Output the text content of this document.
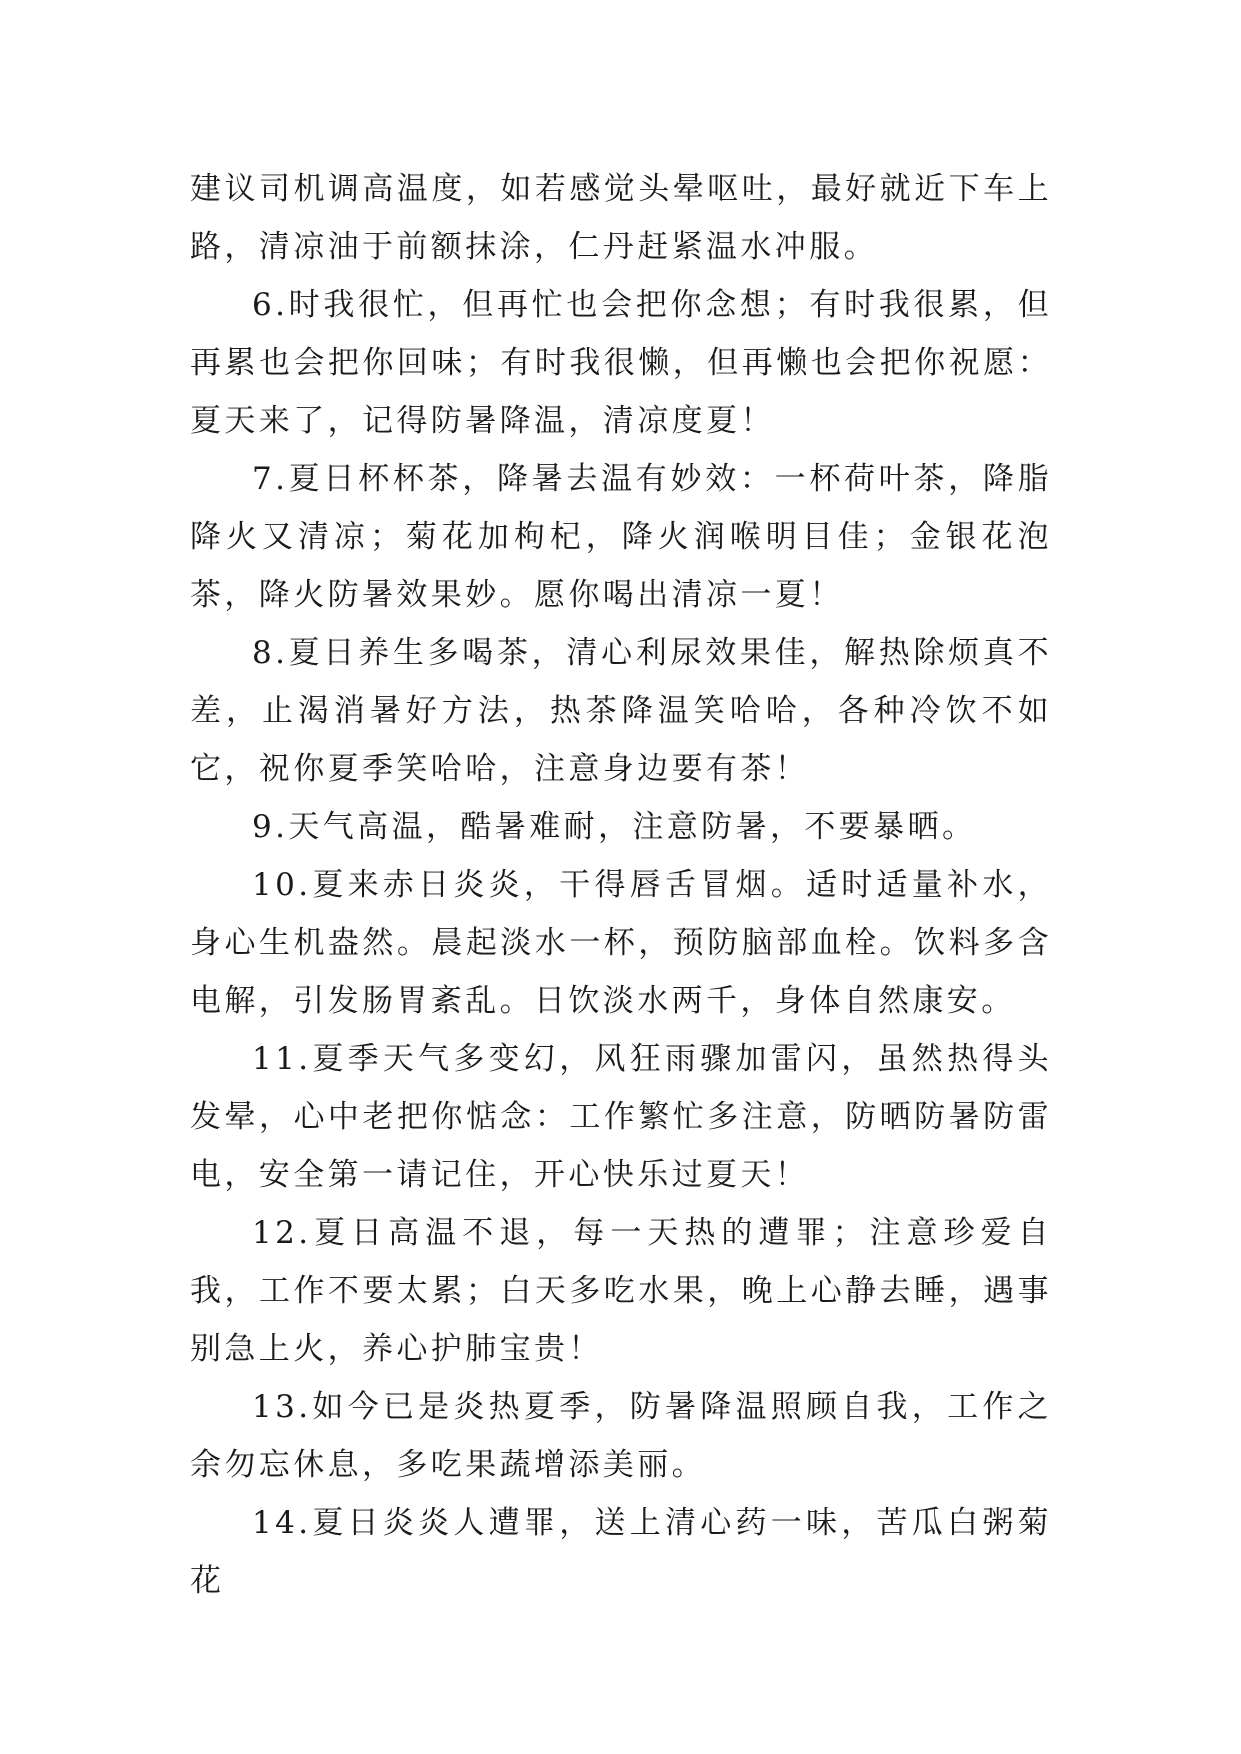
建议司机调高温度，如若感觉头晕呕吐，最好就近下车上路，清凉油于前额抹涂，仁丹赶紧温水冲服。

6.时我很忙，但再忙也会把你念想；有时我很累，但再累也会把你回味；有时我很懒，但再懒也会把你祝愿：夏天来了，记得防暑降温，清凉度夏！

7.夏日杯杯茶，降暑去温有妙效：一杯荷叶茶，降脂降火又清凉；菊花加枸杞，降火润喉明目佳；金银花泡茶，降火防暑效果妙。愿你喝出清凉一夏！

8.夏日养生多喝茶，清心利尿效果佳，解热除烦真不差，止渴消暑好方法，热茶降温笑哈哈，各种冷饮不如它，祝你夏季笑哈哈，注意身边要有茶！

9.天气高温，酷暑难耐，注意防暑，不要暴晒。

10.夏来赤日炎炎，干得唇舌冒烟。适时适量补水，身心生机盎然。晨起淡水一杯，预防脑部血栓。饮料多含电解，引发肠胃紊乱。日饮淡水两千，身体自然康安。

11.夏季天气多变幻，风狂雨骤加雷闪，虽然热得头发晕，心中老把你惦念：工作繁忙多注意，防晒防暑防雷电，安全第一请记住，开心快乐过夏天！

12.夏日高温不退，每一天热的遭罪；注意珍爱自我，工作不要太累；白天多吃水果，晚上心静去睡，遇事别急上火，养心护肺宝贵！

13.如今已是炎热夏季，防暑降温照顾自我，工作之余勿忘休息，多吃果蔬增添美丽。

14.夏日炎炎人遭罪，送上清心药一味，苦瓜白粥菊花
